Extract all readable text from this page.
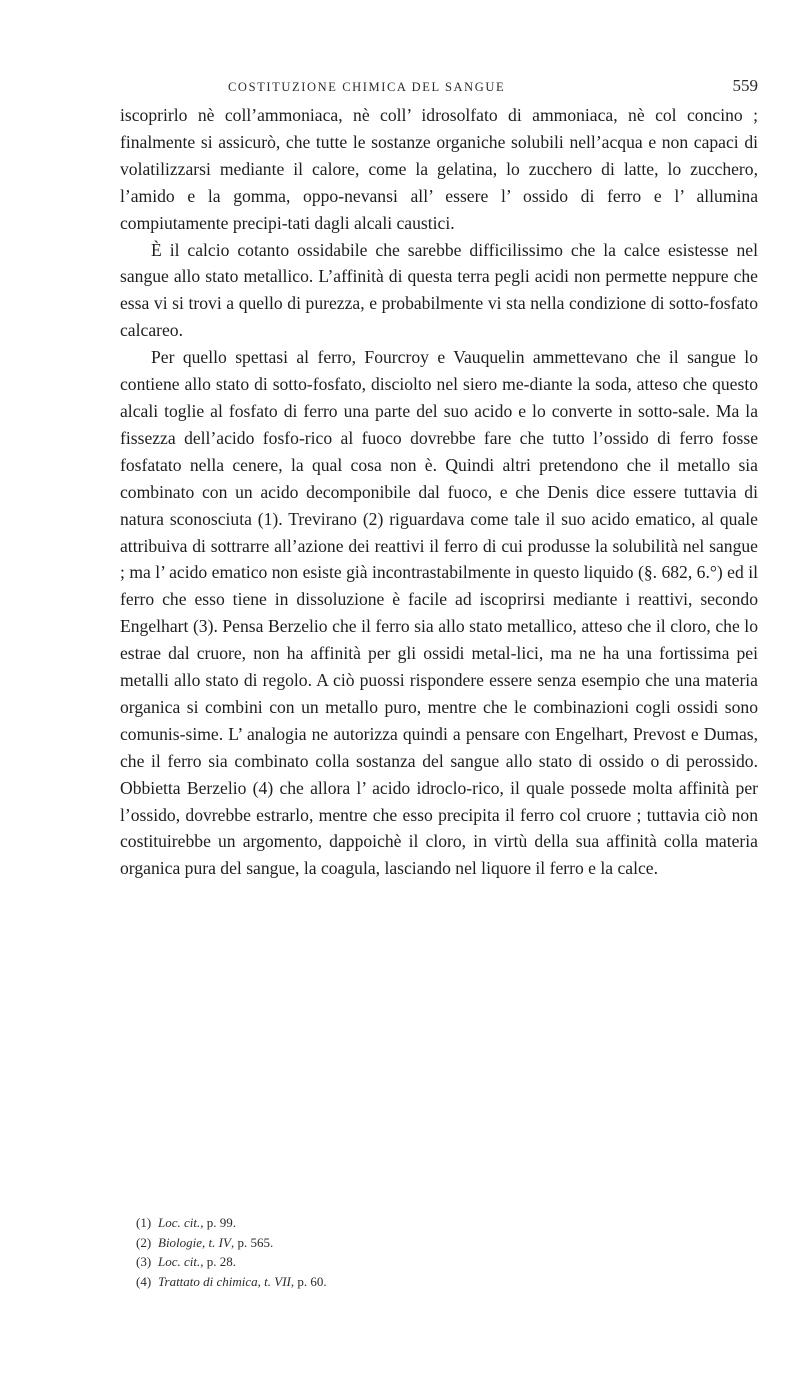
COSTITUZIONE CHIMICA DEL SANGUE	559

iscoprirlo nè coll’ammoniaca, nè coll’ idrosolfato di ammoniaca, nè col concino ; finalmente si assicurò, che tutte le sostanze organiche solubili nell’acqua e non capaci di volatilizzarsi mediante il calore, come la gelatina, lo zucchero di latte, lo zucchero, l’amido e la gomma, oppo-nevansi all’ essere l’ ossido di ferro e l’ allumina compiutamente precipi-tati dagli alcali caustici.

È il calcio cotanto ossidabile che sarebbe difficilissimo che la calce esistesse nel sangue allo stato metallico. L’affinità di questa terra pegli acidi non permette neppure che essa vi si trovi a quello di purezza, e probabilmente vi sta nella condizione di sotto-fosfato calcareo.

Per quello spettasi al ferro, Fourcroy e Vauquelin ammettevano che il sangue lo contiene allo stato di sotto-fosfato, disciolto nel siero me-diante la soda, atteso che questo alcali toglie al fosfato di ferro una parte del suo acido e lo converte in sotto-sale. Ma la fissezza dell’acido fosfo-rico al fuoco dovrebbe fare che tutto l’ossido di ferro fosse fosfatato nella cenere, la qual cosa non è. Quindi altri pretendono che il metallo sia combinato con un acido decomponibile dal fuoco, e che Denis dice essere tuttavia di natura sconosciuta (1). Trevirano (2) riguardava come tale il suo acido ematico, al quale attribuiva di sottrarre all’azione dei reattivi il ferro di cui produsse la solubilità nel sangue ; ma l’ acido ematico non esiste già incontrastabilmente in questo liquido (§. 682, 6.°) ed il ferro che esso tiene in dissoluzione è facile ad iscoprirsi mediante i reattivi, secondo Engelhart (3). Pensa Berzelio che il ferro sia allo stato metallico, atteso che il cloro, che lo estrae dal cruore, non ha affinità per gli ossidi metal-lici, ma ne ha una fortissima pei metalli allo stato di regolo. A ciò puossi rispondere essere senza esempio che una materia organica si combini con un metallo puro, mentre che le combinazioni cogli ossidi sono comunis-sime. L’ analogia ne autorizza quindi a pensare con Engelhart, Prevost e Dumas, che il ferro sia combinato colla sostanza del sangue allo stato di ossido o di perossido. Obbietta Berzelio (4) che allora l’ acido idroclo-rico, il quale possede molta affinità per l’ossido, dovrebbe estrarlo, mentre che esso precipita il ferro col cruore ; tuttavia ciò non costituirebbe un argomento, dappoichè il cloro, in virtù della sua affinità colla materia organica pura del sangue, la coagula, lasciando nel liquore il ferro e la calce.

(1) Loc. cit., p. 99.
(2) Biologie, t. IV, p. 565.
(3) Loc. cit., p. 28.
(4) Trattato di chimica, t. VII, p. 60.
